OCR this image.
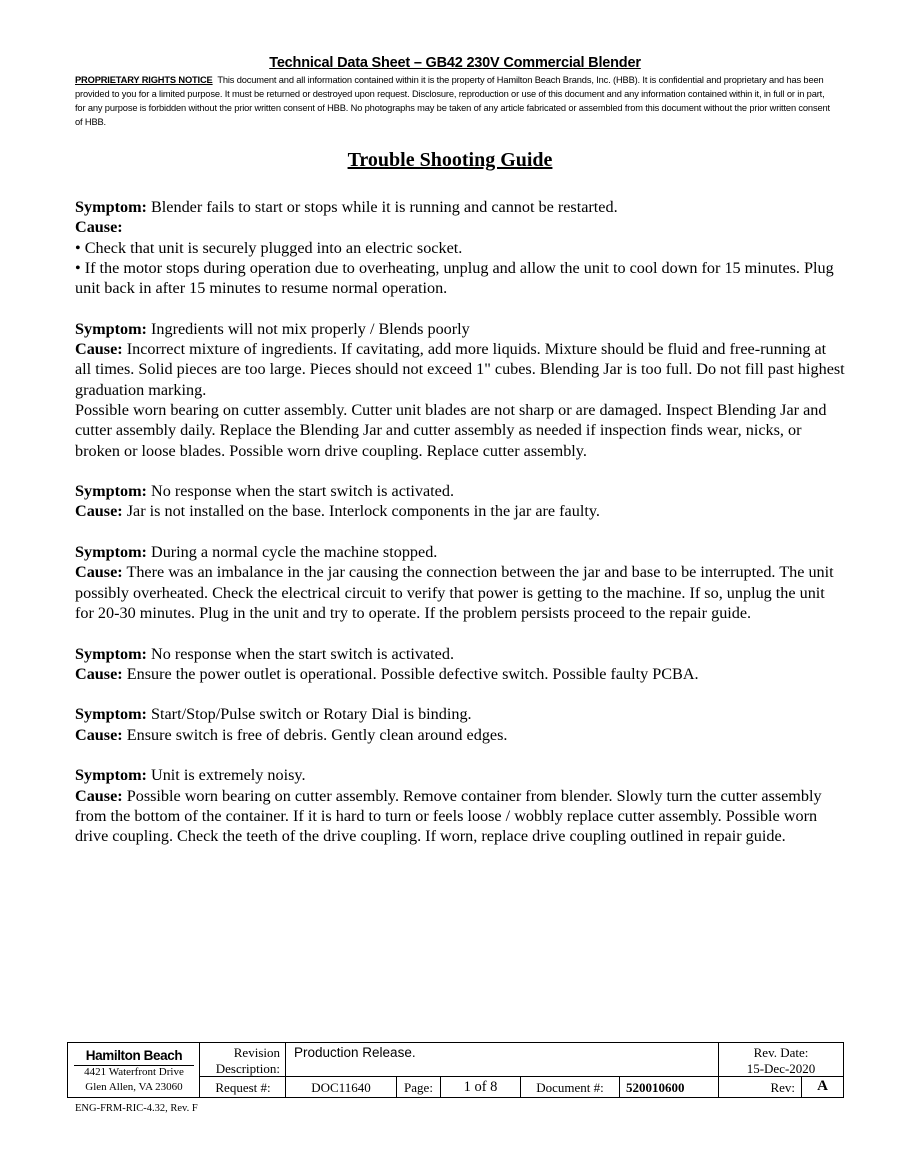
Technical Data Sheet – GB42 230V Commercial Blender

PROPRIETARY RIGHTS NOTICE This document and all information contained within it is the property of Hamilton Beach Brands, Inc. (HBB). It is confidential and proprietary and has been provided to you for a limited purpose. It must be returned or destroyed upon request. Disclosure, reproduction or use of this document and any information contained within it, in full or in part, for any purpose is forbidden without the prior written consent of HBB. No photographs may be taken of any article fabricated or assembled from this document without the prior written consent of HBB.

Trouble Shooting Guide

Symptom: Blender fails to start or stops while it is running and cannot be restarted.

Cause:

• Check that unit is securely plugged into an electric socket.

• If the motor stops during operation due to overheating, unplug and allow the unit to cool down for 15 minutes. Plug unit back in after 15 minutes to resume normal operation.

Symptom: Ingredients will not mix properly / Blends poorly

Cause: Incorrect mixture of ingredients. If cavitating, add more liquids. Mixture should be fluid and free-running at all times. Solid pieces are too large. Pieces should not exceed 1" cubes. Blending Jar is too full. Do not fill past highest graduation marking.

Possible worn bearing on cutter assembly. Cutter unit blades are not sharp or are damaged. Inspect Blending Jar and cutter assembly daily. Replace the Blending Jar and cutter assembly as needed if inspection finds wear, nicks, or broken or loose blades. Possible worn drive coupling. Replace cutter assembly.

Symptom: No response when the start switch is activated.

Cause: Jar is not installed on the base. Interlock components in the jar are faulty.

Symptom: During a normal cycle the machine stopped.

Cause: There was an imbalance in the jar causing the connection between the jar and base to be interrupted. The unit possibly overheated. Check the electrical circuit to verify that power is getting to the machine. If so, unplug the unit for 20-30 minutes. Plug in the unit and try to operate. If the problem persists proceed to the repair guide.

Symptom: No response when the start switch is activated.

Cause: Ensure the power outlet is operational. Possible defective switch. Possible faulty PCBA.

Symptom: Start/Stop/Pulse switch or Rotary Dial is binding.

Cause: Ensure switch is free of debris. Gently clean around edges.

Symptom: Unit is extremely noisy.

Cause: Possible worn bearing on cutter assembly. Remove container from blender. Slowly turn the cutter assembly from the bottom of the container. If it is hard to turn or feels loose / wobbly replace cutter assembly. Possible worn drive coupling. Check the teeth of the drive coupling. If worn, replace drive coupling outlined in repair guide.

Hamilton Beach
4421 Waterfront Drive
Glen Allen, VA 23060
Revision
Description:
Production Release.	Rev. Date:
15-Dec-2020
Request #:	DOC11640	Page:	1 of 8	Document #:	520010600	Rev:	A
ENG-FRM-RIC-4.32, Rev. F
